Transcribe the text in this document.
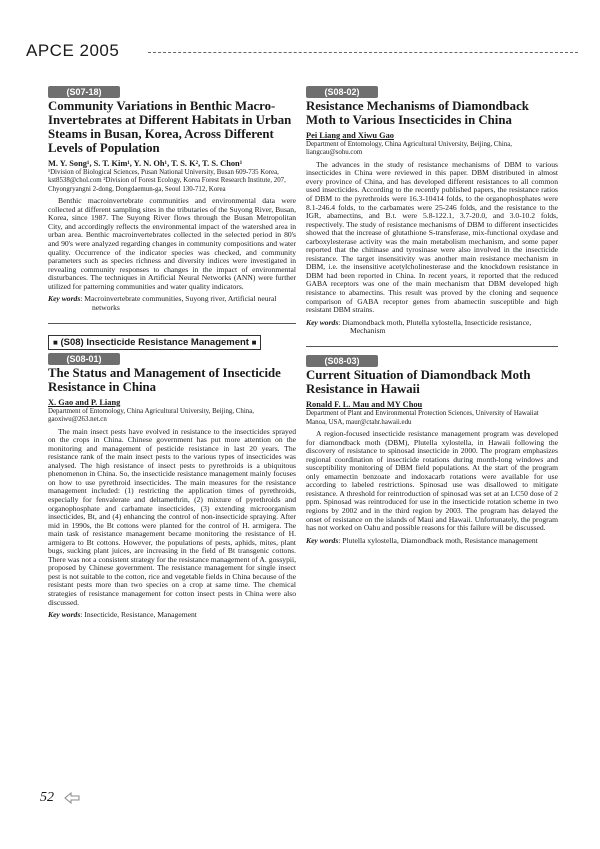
APCE 2005
(S07-18)
Community Variations in Benthic Macro-Invertebrates at Different Habitats in Urban Steams in Busan, Korea, Across Different Levels of Population
M. Y. Song¹, S. T. Kim¹, Y. N. Oh¹, T. S. K², T. S. Chon¹
¹Division of Biological Sciences, Pusan National University, Busan 609-735 Korea, kst8538@chol.com ²Division of Forest Ecology, Korea Forest Research Institute, 207, Chyongryangni 2-dong, Dongdaemun-ga, Seoul 130-712, Korea

Benthic macroinvertebrate communities and environmental data were collected at different sampling sites in the tributaries of the Suyong River, Busan, Korea, since 1987. The Suyong River flows through the Busan Metropolitan City, and accordingly reflects the environmental impact of the watershed area in urban area. Benthic macroinvertebrates collected in the selected period in 80's and 90's were analyzed regarding changes in community compositions and water quality. Occurrence of the indicator species was checked, and community parameters such as species richness and diversity indices were investigated in revealing community responses to changes in the impact of environmental disturbances. The techniques in Artificial Neural Networks (ANN) were further utilized for patterning communities and water quality indicators.

Key words: Macroinvertebrate communities, Suyong river, Artificial neural networks
■ (S08) Insecticide Resistance Management ■
(S08-01)
The Status and Management of Insecticide Resistance in China
X. Gao and P. Liang
Department of Entomology, China Agricultural University, Beijing, China, gaoxiwu@263.net.cn

The main insect pests have evolved in resistance to the insecticides sprayed on the crops in China. Chinese government has put more attention on the monitoring and management of pesticide resistance in last 20 years. The resistance rank of the main insect pests to the various types of insecticides was analysed. The high resistance of insect pests to pyrethroids is a ubiquitous phenomenon in China. So, the insecticide resistance management mainly focuses on how to use pyrethroid insecticides. The main measures for the resistance management included: (1) restricting the application times of pyrethroids, especially for fenvalerate and deltamethrin, (2) mixture of pyrethroids and organophosphate and carbamate insecticides, (3) extending microorganism insecticides, Bt, and (4) enhancing the control of non-insecticide spraying. After mid in 1990s, the Bt cottons were planted for the control of H. armigera. The main task of resistance management became monitoring the resistance of H. armigera to Bt cottons. However, the populations of pests, aphids, mites, plant bugs, sucking plant juices, are increasing in the field of Bt transgenic cottons. There was not a consistent strategy for the resistance management of A. gossypii, proposed by Chinese government. The resistance management for single insect pest is not suitable to the cotton, rice and vegetable fields in China because of the resistant pests more than two species on a crop at same time. The chemical strategies of resistance management for cotton insect pests in China were also discussed.

Key words: Insecticide, Resistance, Management
(S08-02)
Resistance Mechanisms of Diamondback Moth to Various Insecticides in China
Pei Liang and Xiwu Gao
Department of Entomology, China Agricultural University, Beijing, China, liangcau@sohu.com

The advances in the study of resistance mechanisms of DBM to various insecticides in China were reviewed in this paper. DBM distributed in almost every province of China, and has developed different resistances to all common used insecticides. According to the recently published papers, the resistance ratios of DBM to the pyrethroids were 16.3-10414 folds, to the organophosphates were 8.1-246.4 folds, to the carbamates were 25-246 folds, and the resistance to the IGR, abamectins, and B.t. were 5.8-122.1, 3.7-20.0, and 3.0-10.2 folds, respectively. The study of resistance mechanisms of DBM to different insecticides showed that the increase of glutathione S-transferase, mix-functional oxydase and carboxylesterase activity was the main metabolism mechanism, and some paper reported that the chitinase and tyrosinase were also involved in the insecticide resistance. The target insensitivity was another main resistance mechanism in DBM, i.e. the insensitive acetylcholinesterase and the knockdown resistance in DBM had been reported in China. In recent years, it reported that the reduced GABA receptors was one of the main mechanism that DBM developed high resistance to abamectins. This result was proved by the cloning and sequence comparison of GABA receptor genes from abamectin susceptible and high resistant DBM strains.

Key words: Diamondback moth, Plutella xylostella, Insecticide resistance, Mechanism
(S08-03)
Current Situation of Diamondback Moth Resistance in Hawaii
Ronald F. L. Mau and MY Chou
Department of Plant and Environmental Protection Sciences, University of Hawaiiat Manoa, USA, maur@ctahr.hawaii.edu

A region-focused insecticide resistance management program was developed for diamondback moth (DBM), Plutella xylostella, in Hawaii following the discovery of resistance to spinosad insecticide in 2000. The program emphasizes regional coordination of insecticide rotations during month-long windows and susceptibility monitoring of DBM field populations. At the start of the program only emamectin benzoate and indoxacarb rotations were available for use according to labeled restrictions. Spinosad use was disallowed to mitigate resistance. A threshold for reintroduction of spinosad was set at an LC50 dose of 2 ppm. Spinosad was reintroduced for use in the insecticide rotation scheme in two regions by 2002 and in the third region by 2003. The program has delayed the onset of resistance on the islands of Maui and Hawaii. Unfortunately, the program has not worked on Oahu and possible reasons for this failure will be discussed.

Key words: Plutella xylostella, Diamondback moth, Resistance management
52
